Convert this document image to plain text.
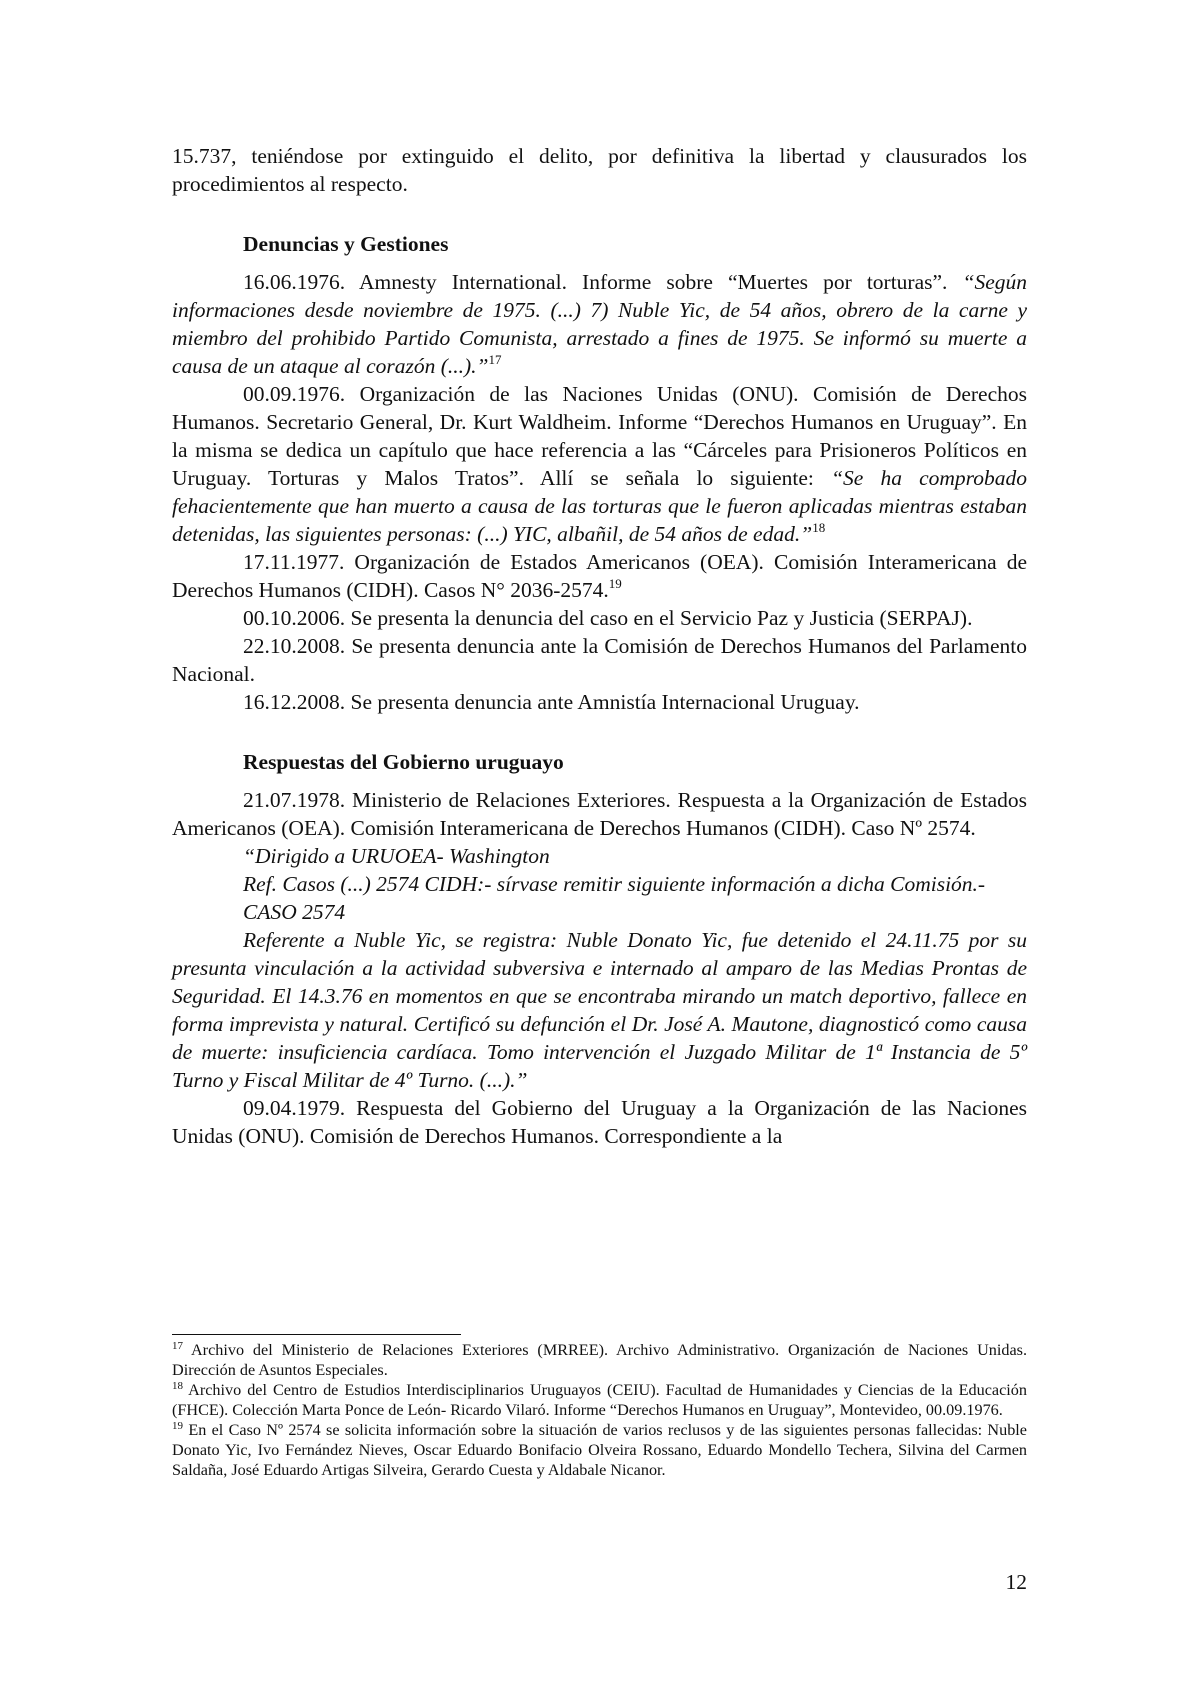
15.737, teniéndose por extinguido el delito, por definitiva la libertad y clausurados los procedimientos al respecto.

Denuncias y Gestiones

16.06.1976. Amnesty International. Informe sobre “Muertes por torturas”. “Según informaciones desde noviembre de 1975. (...) 7) Nuble Yic, de 54 años, obrero de la carne y miembro del prohibido Partido Comunista, arrestado a fines de 1975. Se informó su muerte a causa de un ataque al corazón (...).”$^{17}$

00.09.1976. Organización de las Naciones Unidas (ONU). Comisión de Derechos Humanos. Secretario General, Dr. Kurt Waldheim. Informe “Derechos Humanos en Uruguay”. En la misma se dedica un capítulo que hace referencia a las “Cárceles para Prisioneros Políticos en Uruguay. Torturas y Malos Tratos”. Allí se señala lo siguiente: “Se ha comprobado fehacientemente que han muerto a causa de las torturas que le fueron aplicadas mientras estaban detenidas, las siguientes personas: (...) YIC, albañil, de 54 años de edad.”$^{18}$

17.11.1977. Organización de Estados Americanos (OEA). Comisión Interamericana de Derechos Humanos (CIDH). Casos N° 2036-2574.19

00.10.2006. Se presenta la denuncia del caso en el Servicio Paz y Justicia (SERPAJ).

22.10.2008. Se presenta denuncia ante la Comisión de Derechos Humanos del Parlamento Nacional.

16.12.2008. Se presenta denuncia ante Amnistía Internacional Uruguay.

Respuestas del Gobierno uruguayo

21.07.1978. Ministerio de Relaciones Exteriores. Respuesta a la Organización de Estados Americanos (OEA). Comisión Interamericana de Derechos Humanos (CIDH). Caso Nº 2574.

“Dirigido a URUOEA- Washington

Ref. Casos (...) 2574 CIDH:- sírvase remitir siguiente información a dicha Comisión.-

CASO 2574

Referente a Nuble Yic, se registra: Nuble Donato Yic, fue detenido el 24.11.75 por su presunta vinculación a la actividad subversiva e internado al amparo de las Medias Prontas de Seguridad. El 14.3.76 en momentos en que se encontraba mirando un match deportivo, fallece en forma imprevista y natural. Certificó su defunción el Dr. José A. Mautone, diagnosticó como causa de muerte: insuficiencia cardíaca. Tomo intervención el Juzgado Militar de 1ª Instancia de 5º Turno y Fiscal Militar de 4º Turno. (...).”

09.04.1979. Respuesta del Gobierno del Uruguay a la Organización de las Naciones Unidas (ONU). Comisión de Derechos Humanos. Correspondiente a la

$^{17}$ Archivo del Ministerio de Relaciones Exteriores (MRREE). Archivo Administrativo. Organización de Naciones Unidas. Dirección de Asuntos Especiales.

$^{18}$ Archivo del Centro de Estudios Interdisciplinarios Uruguayos (CEIU). Facultad de Humanidades y Ciencias de la Educación (FHCE). Colección Marta Ponce de León- Ricardo Vilaró. Informe “Derechos Humanos en Uruguay”, Montevideo, 00.09.1976.

$^{19}$ En el Caso Nº 2574 se solicita información sobre la situación de varios reclusos y de las siguientes personas fallecidas: Nuble Donato Yic, Ivo Fernández Nieves, Oscar Eduardo Bonifacio Olveira Rossano, Eduardo Mondello Techera, Silvina del Carmen Saldaña, José Eduardo Artigas Silveira, Gerardo Cuesta y Aldabale Nicanor.

12
